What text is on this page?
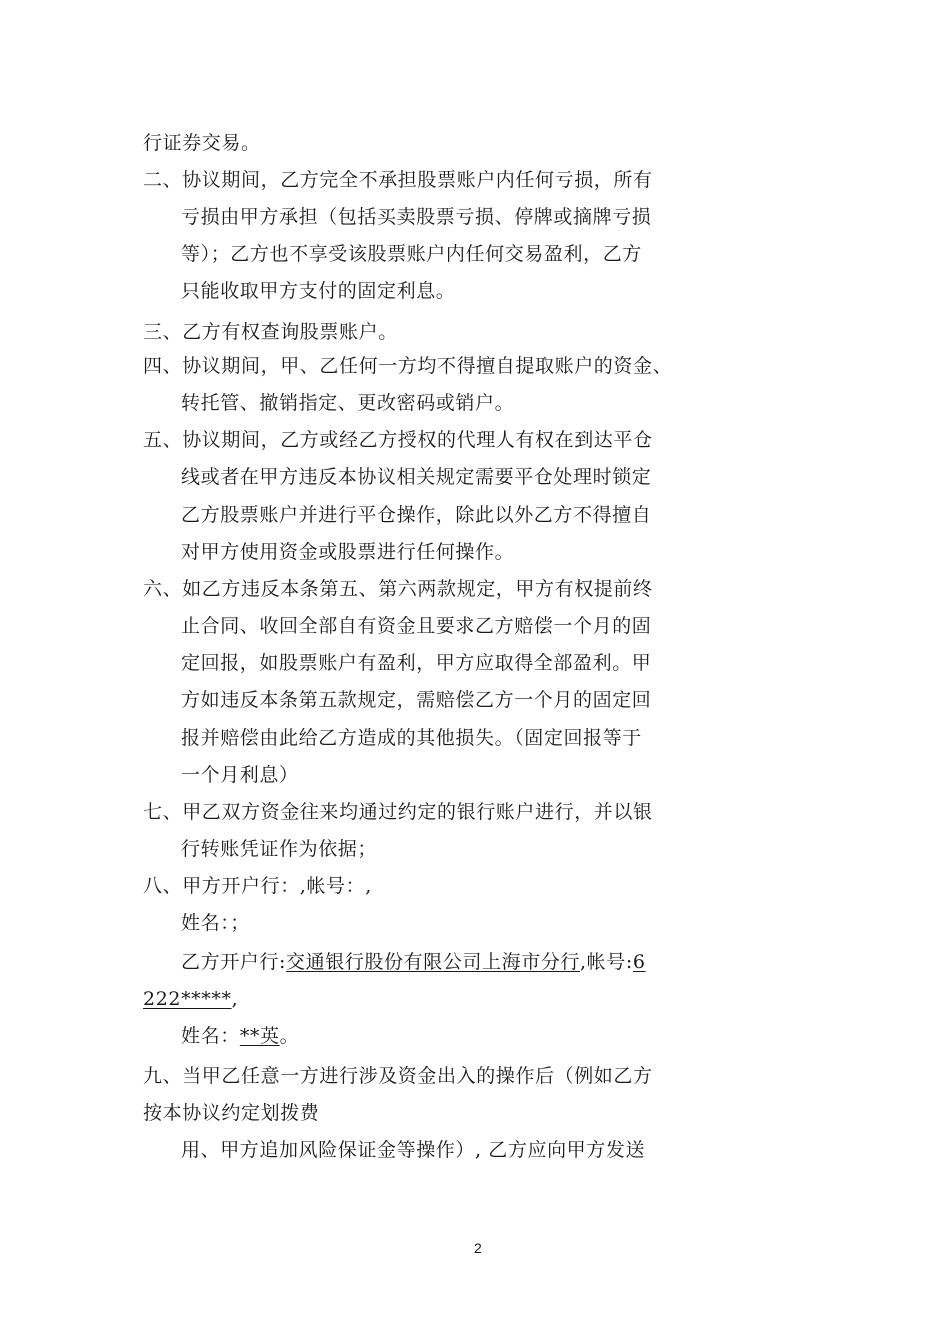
行证券交易。
二、协议期间，乙方完全不承担股票账户内任何亏损，所有
亏损由甲方承担（包括买卖股票亏损、停牌或摘牌亏损
等）；乙方也不享受该股票账户内任何交易盈利，乙方
只能收取甲方支付的固定利息。
三、乙方有权查询股票账户。
四、协议期间，甲、乙任何一方均不得擅自提取账户的资金、
转托管、撤销指定、更改密码或销户。
五、协议期间，乙方或经乙方授权的代理人有权在到达平仓
线或者在甲方违反本协议相关规定需要平仓处理时锁定
乙方股票账户并进行平仓操作，除此以外乙方不得擅自
对甲方使用资金或股票进行任何操作。
六、如乙方违反本条第五、第六两款规定，甲方有权提前终
止合同、收回全部自有资金且要求乙方赔偿一个月的固
定回报，如股票账户有盈利，甲方应取得全部盈利。甲
方如违反本条第五款规定，需赔偿乙方一个月的固定回
报并赔偿由此给乙方造成的其他损失。（固定回报等于
一个月利息）
七、甲乙双方资金往来均通过约定的银行账户进行，并以银
行转账凭证作为依据；
八、甲方开户行：,帐号：,
姓名：；
乙方开户行:交通银行股份有限公司上海市分行,帐号:6
222*****,
姓名：**英。
九、当甲乙任意一方进行涉及资金出入的操作后（例如乙方
按本协议约定划拨费
用、甲方追加风险保证金等操作）, 乙方应向甲方发送
2
